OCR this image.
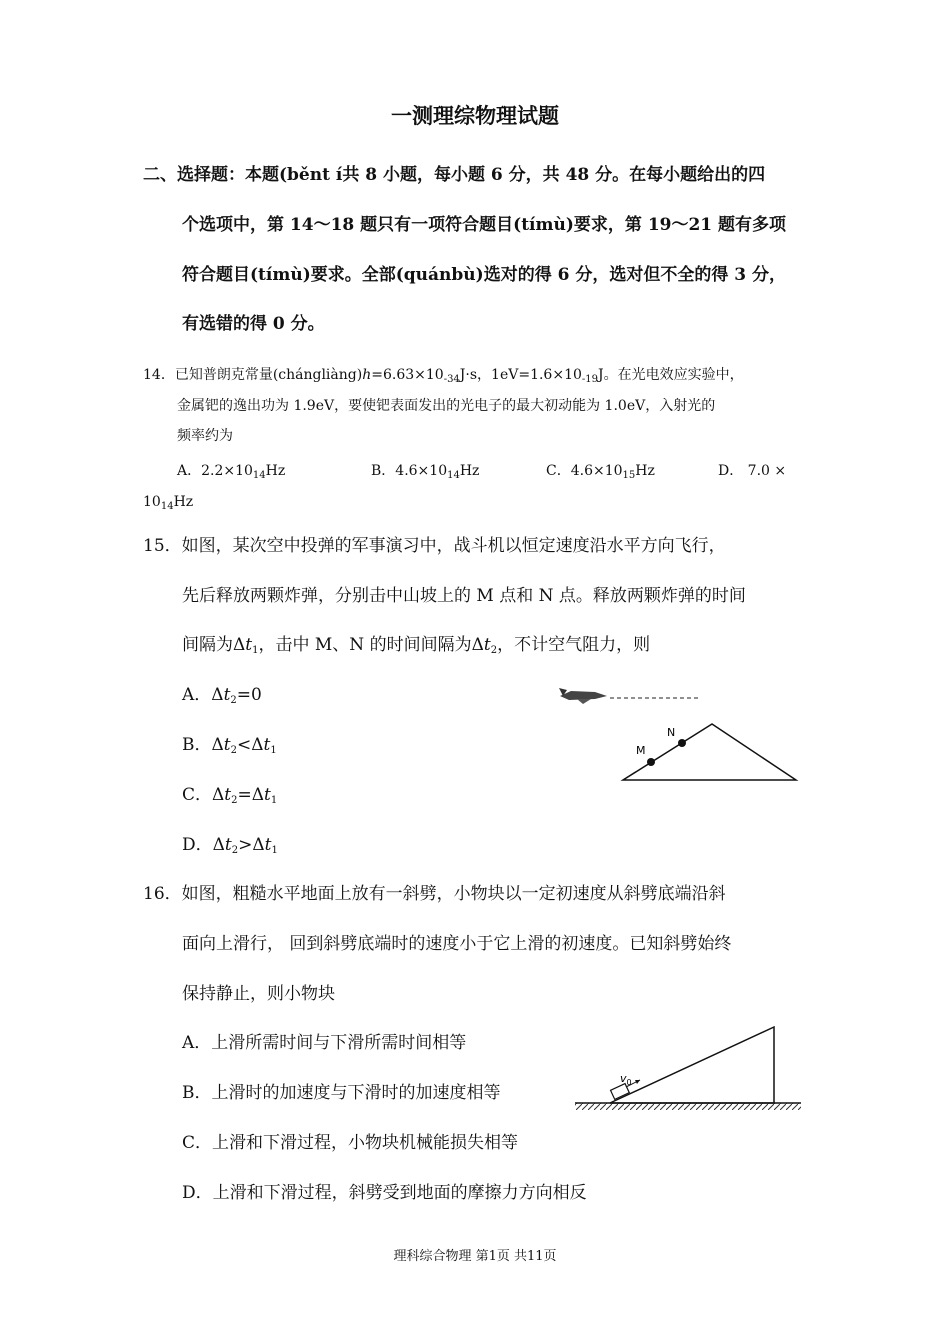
一测理综物理试题
二、选择题：本题(běnt í共 8 小题，每小题 6 分，共 48 分。在每小题给出的四
个选项中，第 14～18 题只有一项符合题目(tímù)要求，第 19～21 题有多项
符合题目(tímù)要求。全部(quánbù)选对的得 6 分，选对但不全的得 3 分，
有选错的得 0 分。
14．已知普朗克常量$(chángliàng)h=6.63\times 10_{-34}J\cdot s$，$1eV=1.6\times 10_{-19}J$。在光电效应实验中，
金属钯的逸出功为 1.9eV，要使钯表面发出的光电子的最大初动能为 1.0eV，入射光的
频率约为
A．$2.2\times 10_{14}Hz$	B．$4.6\times 10_{14}Hz$	C．$4.6\times 10_{15}Hz$	D． 7.0 ×
$10_{14}Hz$
15．如图，某次空中投弹的军事演习中，战斗机以恒定速度沿水平方向飞行，
先后释放两颗炸弹，分别击中山坡上的 M 点和 N 点。释放两颗炸弹的时间
间隔为$\Delta t_1$，击中 M、N 的时间间隔为$\Delta t_2$，不计空气阻力，则
A．$\Delta t_2=0$
B．$\Delta t_2<\Delta t_1$
C．$\Delta t_2=\Delta t_1$
D．$\Delta t_2>\Delta t_1$
M
N
16．如图，粗糙水平地面上放有一斜劈，小物块以一定初速度从斜劈底端沿斜
面向上滑行， 回到斜劈底端时的速度小于它上滑的初速度。已知斜劈始终
保持静止，则小物块
A．上滑所需时间与下滑所需时间相等
B．上滑时的加速度与下滑时的加速度相等
C．上滑和下滑过程，小物块机械能损失相等
D．上滑和下滑过程，斜劈受到地面的摩擦力方向相反
$v_0$
理科综合物理 第1页 共11页
